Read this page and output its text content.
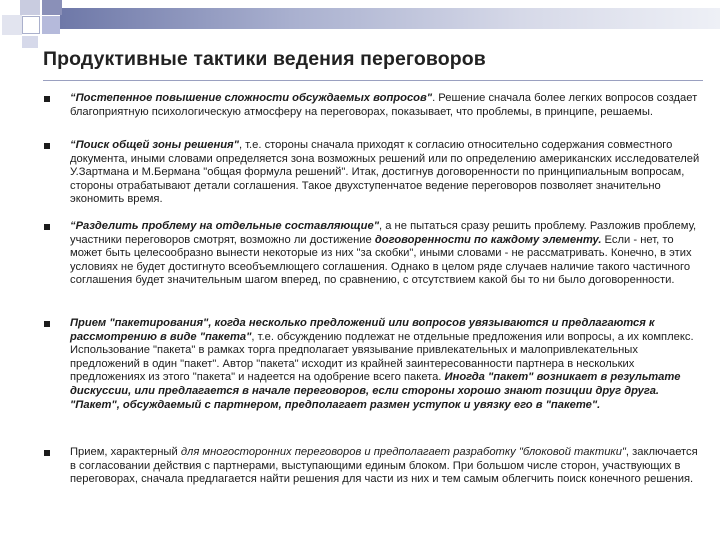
Продуктивные тактики ведения переговоров
“Постепенное повышение сложности обсуждаемых вопросов". Решение сначала более легких вопросов создает благоприятную психологическую атмосферу на переговорах, показывает, что проблемы, в принципе, решаемы.
“Поиск общей зоны решения", т.е. стороны сначала приходят к согласию относительно содержания совместного документа, иными словами определяется зона возможных решений или по определению американских исследователей У.Зартмана и М.Бермана "общая формула решений". Итак, достигнув договоренности по принципиальным вопросам, стороны отрабатывают детали соглашения. Такое двухступенчатое ведение переговоров позволяет значительно экономить время.
“Разделить проблему на отдельные составляющие", а не пытаться сразу решить проблему. Разложив проблему, участники переговоров смотрят, возможно ли достижение договоренности по каждому элементу. Если - нет, то может быть целесообразно вынести некоторые из них "за скобки", иными словами - не рассматривать. Конечно, в этих условиях не будет достигнуто всеобъемлющего соглашения. Однако в целом ряде случаев наличие такого частичного соглашения будет значительным шагом вперед, по сравнению, с отсутствием какой бы то ни было договоренности.
Прием "пакетирования", когда несколько предложений или вопросов увязываются и предлагаются к рассмотрению в виде "пакета", т.е. обсуждению подлежат не отдельные предложения или вопросы, а их комплекс. Использование "пакета" в рамках торга предполагает увязывание привлекательных и малопривлекательных предложений в один "пакет". Автор "пакета" исходит из крайней заинтересованности партнера в нескольких предложениях из этого "пакета" и надеется на одобрение всего пакета. Иногда "пакет" возникает в результате дискуссии, или предлагается в начале переговоров, если стороны хорошо знают позиции друг друга. "Пакет", обсуждаемый с партнером, предполагает размен уступок и увязку его в "пакете".
Прием, характерный для многосторонних переговоров и предполагает разработку "блоковой тактики", заключается в согласовании действия с партнерами, выступающими единым блоком. При большом числе сторон, участвующих в переговорах, сначала предлагается найти решения для части из них и тем самым облегчить поиск конечного решения.
